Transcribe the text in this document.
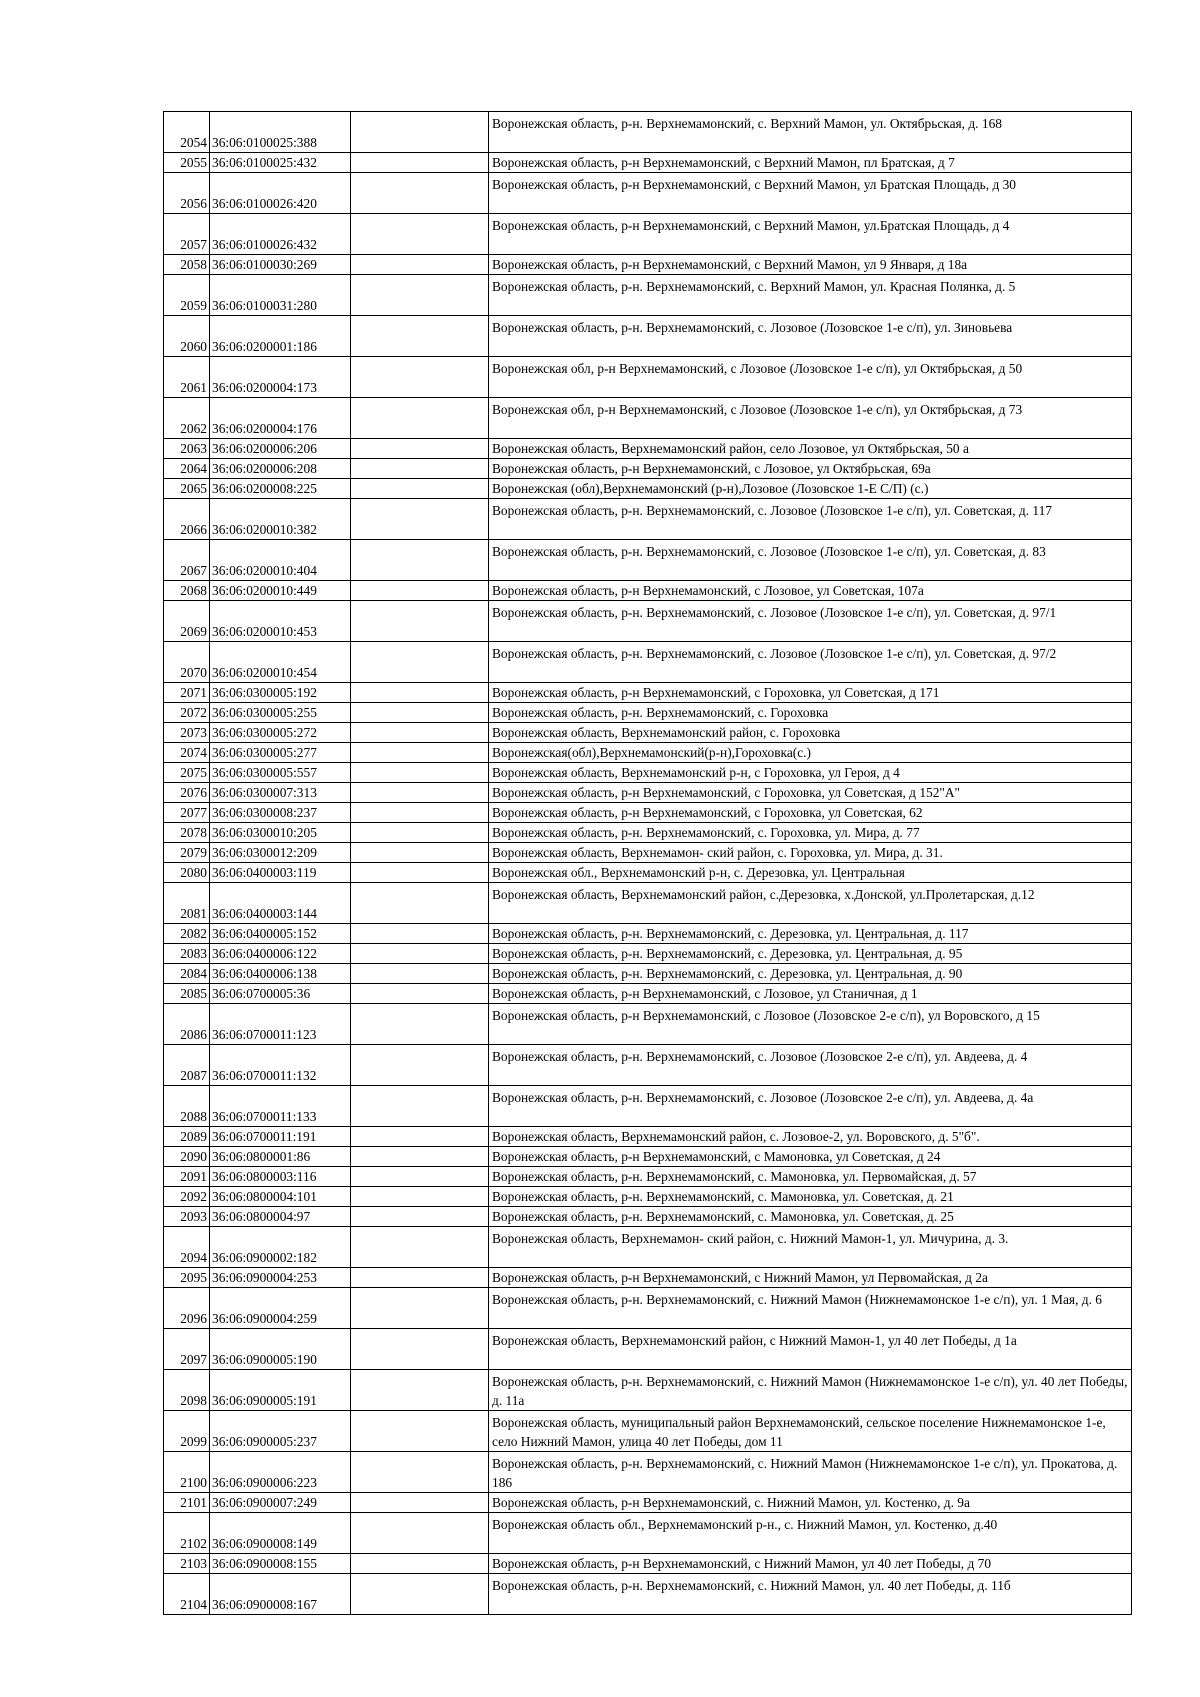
2054	36:06:0100025:388		Воронежская область, р-н. Верхнемамонский, с. Верхний Мамон, ул. Октябрьская, д. 168
2055	36:06:0100025:432		Воронежская область, р-н Верхнемамонский, с Верхний Мамон, пл Братская, д 7
2056	36:06:0100026:420		Воронежская область, р-н Верхнемамонский, с Верхний Мамон, ул Братская Площадь, д 30
2057	36:06:0100026:432		Воронежская область, р-н Верхнемамонский, с Верхний Мамон, ул.Братская Площадь, д 4
2058	36:06:0100030:269		Воронежская область, р-н Верхнемамонский, с Верхний Мамон, ул 9 Января, д 18а
2059	36:06:0100031:280		Воронежская область, р-н. Верхнемамонский, с. Верхний Мамон, ул. Красная Полянка, д. 5
2060	36:06:0200001:186		Воронежская область, р-н. Верхнемамонский, с. Лозовое (Лозовское 1-е с/п), ул. Зиновьева
2061	36:06:0200004:173		Воронежская обл, р-н Верхнемамонский, с Лозовое (Лозовское 1-е с/п), ул Октябрьская, д 50
2062	36:06:0200004:176		Воронежская обл, р-н Верхнемамонский, с Лозовое (Лозовское 1-е с/п), ул Октябрьская, д 73
2063	36:06:0200006:206		Воронежская область, Верхнемамонский район, село Лозовое, ул Октябрьская, 50 а
2064	36:06:0200006:208		Воронежская область, р-н Верхнемамонский, с Лозовое, ул Октябрьская, 69а
2065	36:06:0200008:225		Воронежская (обл),Верхнемамонский (р-н),Лозовое (Лозовское 1-Е С/П) (с.)
2066	36:06:0200010:382		Воронежская область, р-н. Верхнемамонский, с. Лозовое (Лозовское 1-е с/п), ул. Советская, д. 117
2067	36:06:0200010:404		Воронежская область, р-н. Верхнемамонский, с. Лозовое (Лозовское 1-е с/п), ул. Советская, д. 83
2068	36:06:0200010:449		Воронежская область, р-н Верхнемамонский, с Лозовое, ул Советская, 107а
2069	36:06:0200010:453		Воронежская область, р-н. Верхнемамонский, с. Лозовое (Лозовское 1-е с/п), ул. Советская, д. 97/1
2070	36:06:0200010:454		Воронежская область, р-н. Верхнемамонский, с. Лозовое (Лозовское 1-е с/п), ул. Советская, д. 97/2
2071	36:06:0300005:192		Воронежская область, р-н Верхнемамонский, с Гороховка, ул Советская, д 171
2072	36:06:0300005:255		Воронежская область, р-н. Верхнемамонский, с. Гороховка
2073	36:06:0300005:272		Воронежская область, Верхнемамонский район, с. Гороховка
2074	36:06:0300005:277		Воронежская(обл),Верхнемамонский(р-н),Гороховка(с.)
2075	36:06:0300005:557		Воронежская область, Верхнемамонский р-н, с Гороховка, ул Героя, д 4
2076	36:06:0300007:313		Воронежская область, р-н Верхнемамонский, с Гороховка, ул Советская, д 152"А"
2077	36:06:0300008:237		Воронежская область, р-н Верхнемамонский, с Гороховка, ул Советская, 62
2078	36:06:0300010:205		Воронежская область, р-н. Верхнемамонский, с. Гороховка, ул. Мира, д. 77
2079	36:06:0300012:209		Воронежская область, Верхнемамон- ский район, с. Гороховка, ул. Мира, д. 31.
2080	36:06:0400003:119		Воронежская обл., Верхнемамонский р-н, с. Дерезовка, ул. Центральная
2081	36:06:0400003:144		Воронежская область, Верхнемамонский район, с.Дерезовка, х.Донской, ул.Пролетарская, д.12
2082	36:06:0400005:152		Воронежская область, р-н. Верхнемамонский, с. Дерезовка, ул. Центральная, д. 117
2083	36:06:0400006:122		Воронежская область, р-н. Верхнемамонский, с. Дерезовка, ул. Центральная, д. 95
2084	36:06:0400006:138		Воронежская область, р-н. Верхнемамонский, с. Дерезовка, ул. Центральная, д. 90
2085	36:06:0700005:36		Воронежская область, р-н Верхнемамонский, с Лозовое, ул Станичная, д 1
2086	36:06:0700011:123		Воронежская область, р-н Верхнемамонский, с Лозовое (Лозовское 2-е с/п), ул Воровского, д 15
2087	36:06:0700011:132		Воронежская область, р-н. Верхнемамонский, с. Лозовое (Лозовское 2-е с/п), ул. Авдеева, д. 4
2088	36:06:0700011:133		Воронежская область, р-н. Верхнемамонский, с. Лозовое (Лозовское 2-е с/п), ул. Авдеева, д. 4а
2089	36:06:0700011:191		Воронежская область, Верхнемамонский район, с. Лозовое-2, ул. Воровского, д. 5"б".
2090	36:06:0800001:86		Воронежская область, р-н Верхнемамонский, с Мамоновка, ул Советская, д 24
2091	36:06:0800003:116		Воронежская область, р-н. Верхнемамонский, с. Мамоновка, ул. Первомайская, д. 57
2092	36:06:0800004:101		Воронежская область, р-н. Верхнемамонский, с. Мамоновка, ул. Советская, д. 21
2093	36:06:0800004:97		Воронежская область, р-н. Верхнемамонский, с. Мамоновка, ул. Советская, д. 25
2094	36:06:0900002:182		Воронежская область, Верхнемамон- ский район, с. Нижний Мамон-1, ул. Мичурина, д. 3.
2095	36:06:0900004:253		Воронежская область, р-н Верхнемамонский, с Нижний Мамон, ул Первомайская, д 2а
2096	36:06:0900004:259		Воронежская область, р-н. Верхнемамонский, с. Нижний Мамон (Нижнемамонское 1-е с/п), ул. 1 Мая, д. 6
2097	36:06:0900005:190		Воронежская область, Верхнемамонский район, с Нижний Мамон-1, ул 40 лет Победы, д 1а
2098	36:06:0900005:191		Воронежская область, р-н. Верхнемамонский, с. Нижний Мамон (Нижнемамонское 1-е с/п), ул. 40 лет Победы, д. 11а
2099	36:06:0900005:237		Воронежская область, муниципальный район Верхнемамонский, сельское поселение Нижнемамонское 1-е, село Нижний Мамон, улица 40 лет Победы, дом 11
2100	36:06:0900006:223		Воронежская область, р-н. Верхнемамонский, с. Нижний Мамон (Нижнемамонское 1-е с/п), ул. Прокатова, д. 186
2101	36:06:0900007:249		Воронежская область, р-н Верхнемамонский, с. Нижний Мамон, ул. Костенко, д. 9а
2102	36:06:0900008:149		Воронежская область обл., Верхнемамонский р-н., с. Нижний Мамон, ул. Костенко, д.40
2103	36:06:0900008:155		Воронежская область, р-н Верхнемамонский, с Нижний Мамон, ул 40 лет Победы, д 70
2104	36:06:0900008:167		Воронежская область, р-н. Верхнемамонский, с. Нижний Мамон, ул. 40 лет Победы, д. 11б
